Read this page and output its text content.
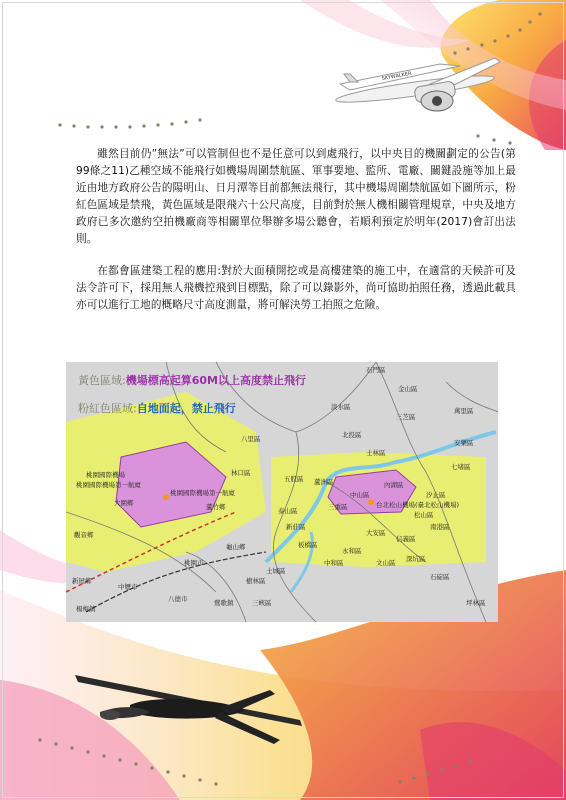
SKYWALKER

雖然目前仍”無法”可以管制但也不是任意可以到處飛行，以中央目的機關劃定的公告(第99條之11)乙種空域不能飛行如機場周圍禁航區、軍事要地、監所、電廠、關鍵設施等加上最近由地方政府公告的陽明山、日月潭等目前都無法飛行，其中機場周圍禁航區如下圖所示，粉紅色區域是禁飛，黃色區域是限飛六十公尺高度，目前對於無人機相關管理規章，中央及地方政府已多次邀約空拍機廠商等相關單位舉辦多場公聽會，若順利預定於明年(2017)會訂出法則。

在都會區建築工程的應用:對於大面積開挖或是高樓建築的施工中，在適當的天候許可及法令許可下，採用無人飛機控飛到目標點，除了可以錄影外，尚可協助拍照任務，透過此載具亦可以進行工地的概略尺寸高度測量，將可解決勞工拍照之危險。

黃色區域:機場標高起算60M以上高度禁止飛行
粉紅色區域:自地面起，禁止飛行
石門區
金山區
淡水區	萬里區
三芝區
北投區
八里區
士林區
安樂區
七堵區
林口區
五股區 蘆洲區	內湖區
汐止區
泰山區
新莊區
三重區
中山區
松山區
南港區
板橋區
大安區
信義區
深坑區
文山區
石碇區
坪林區
中和區
永和區
土城區
桃園國際機場
桃園國際機場第一航廈
桃園國際機場第一航廈
大園鄉	蘆竹鄉
觀音鄉
桃園市
新屋鄉
中壢市
八德市
楊梅鎮
龜山鄉
鶯歌鎮
樹林區
三峽區
台北松山機場(臺北松山機場)
